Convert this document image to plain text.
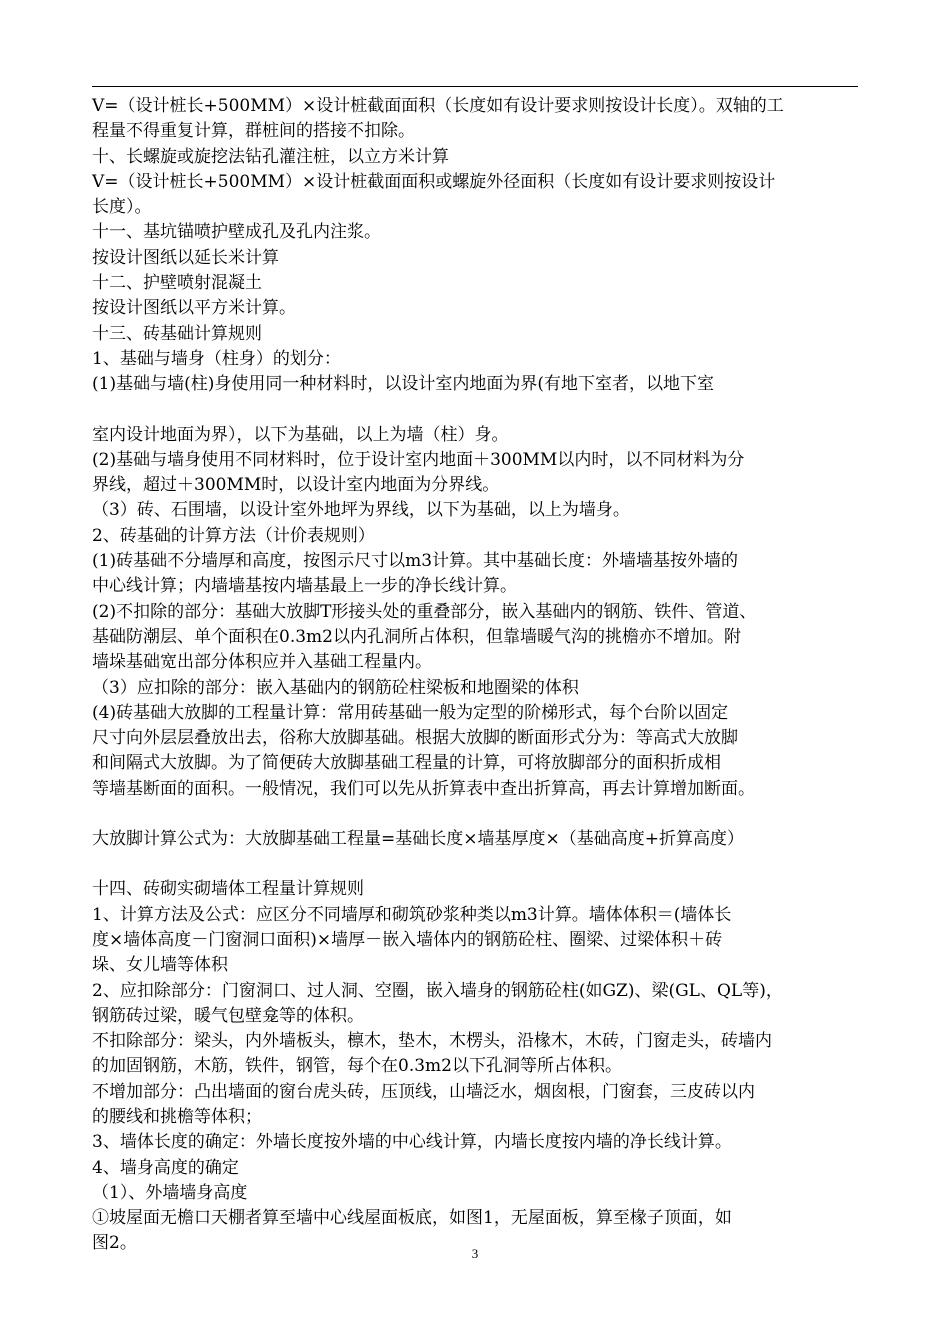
V=（设计桩长+500MM）×设计桩截面面积（长度如有设计要求则按设计长度）。双轴的工
程量不得重复计算，群桩间的搭接不扣除。
十、长螺旋或旋挖法钻孔灌注桩，以立方米计算
V=（设计桩长+500MM）×设计桩截面面积或螺旋外径面积（长度如有设计要求则按设计
长度）。
十一、基坑锚喷护壁成孔及孔内注浆。
按设计图纸以延长米计算
十二、护壁喷射混凝土
按设计图纸以平方米计算。
十三、砖基础计算规则
1、基础与墙身（柱身）的划分：
(1)基础与墙(柱)身使用同一种材料时，以设计室内地面为界(有地下室者，以地下室
室内设计地面为界），以下为基础，以上为墙（柱）身。
(2)基础与墙身使用不同材料时，位于设计室内地面＋300MM以内时，以不同材料为分
界线，超过＋300MM时，以设计室内地面为分界线。
（3）砖、石围墙，以设计室外地坪为界线，以下为基础，以上为墙身。
2、砖基础的计算方法（计价表规则）
(1)砖基础不分墙厚和高度，按图示尺寸以m3计算。其中基础长度：外墙墙基按外墙的
中心线计算；内墙墙基按内墙基最上一步的净长线计算。
(2)不扣除的部分：基础大放脚T形接头处的重叠部分，嵌入基础内的钢筋、铁件、管道、
基础防潮层、单个面积在0.3m2以内孔洞所占体积，但靠墙暖气沟的挑檐亦不增加。附
墙垛基础宽出部分体积应并入基础工程量内。
（3）应扣除的部分：嵌入基础内的钢筋砼柱梁板和地圈梁的体积
(4)砖基础大放脚的工程量计算：常用砖基础一般为定型的阶梯形式，每个台阶以固定
尺寸向外层层叠放出去，俗称大放脚基础。根据大放脚的断面形式分为：等高式大放脚
和间隔式大放脚。为了简便砖大放脚基础工程量的计算，可将放脚部分的面积折成相
等墙基断面的面积。一般情况，我们可以先从折算表中查出折算高，再去计算增加断面。
大放脚计算公式为：大放脚基础工程量=基础长度×墙基厚度×（基础高度+折算高度）
十四、砖砌实砌墙体工程量计算规则
1、计算方法及公式：应区分不同墙厚和砌筑砂浆种类以m3计算。墙体体积＝(墙体长
度×墙体高度－门窗洞口面积)×墙厚－嵌入墙体内的钢筋砼柱、圈梁、过梁体积＋砖
垛、女儿墙等体积
2、应扣除部分：门窗洞口、过人洞、空圈，嵌入墙身的钢筋砼柱(如GZ)、梁(GL、QL等)，
钢筋砖过梁，暖气包壁龛等的体积。
不扣除部分：梁头，内外墙板头，檩木，垫木，木楞头，沿椽木，木砖，门窗走头，砖墙内
的加固钢筋，木筋，铁件，钢管，每个在0.3m2以下孔洞等所占体积。
不增加部分：凸出墙面的窗台虎头砖，压顶线，山墙泛水，烟囱根，门窗套，三皮砖以内
的腰线和挑檐等体积；
3、墙体长度的确定：外墙长度按外墙的中心线计算，内墙长度按内墙的净长线计算。
4、墙身高度的确定
（1）、外墙墙身高度
①坡屋面无檐口天棚者算至墙中心线屋面板底，如图1，无屋面板，算至椽子顶面，如
图2。
3
